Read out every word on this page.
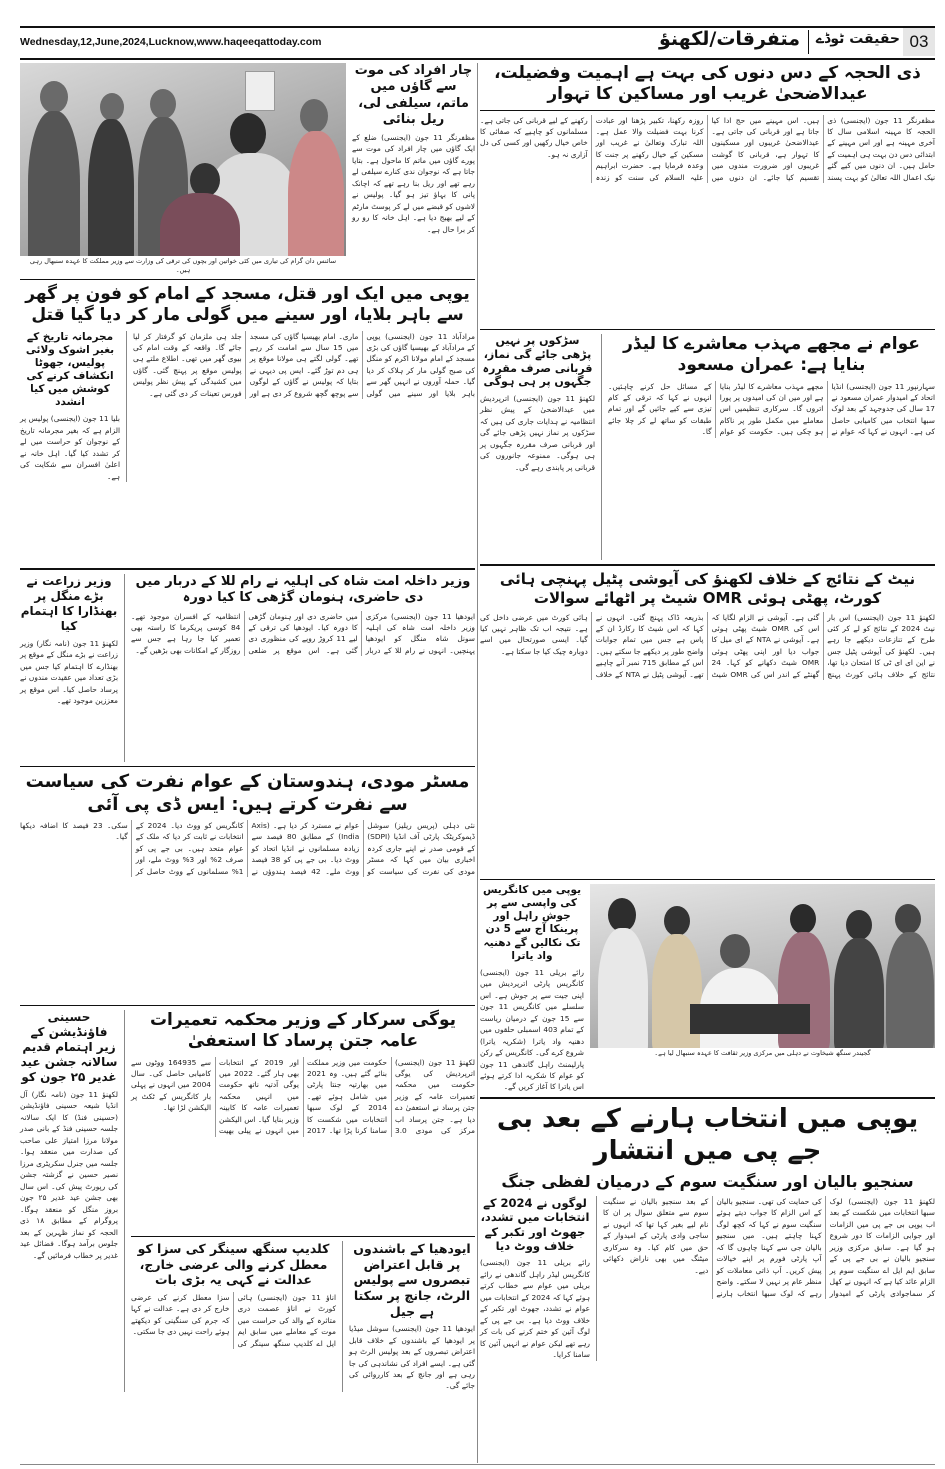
Wednesday,12,June,2024,Lucknow,www.haqeeqattoday.com	متفرقات/لکھنؤ حقیقت ٹوڈے 03
سائنس دان گرام کی تیاری میں کئی خواتین اور بچوں کی ترقی کی وزارت سے وزیر مملکت کا عہدہ سنبھال رہی ہیں۔
چار افراد کی موت سے گاؤں میں ماتم، سیلفی لی، ریل بنائی
مظفرنگر 11 جون (ایجنسی) ضلع کے ایک گاؤں میں چار افراد کی موت سے پورے گاؤں میں ماتم کا ماحول ہے۔ بتایا جاتا ہے کہ نوجوان ندی کنارے سیلفی لے رہے تھے اور ریل بنا رہے تھے کہ اچانک پانی کا بہاؤ تیز ہو گیا۔ پولیس نے لاشوں کو قبضے میں لے کر پوسٹ مارٹم کے لیے بھیج دیا ہے۔ اہل خانہ کا رو رو کر برا حال ہے۔
یوپی میں ایک اور قتل، مسجد کے امام کو فون پر گھر سے باہر بلایا، اور سینے میں گولی مار کر دیا گیا قتل
مجرمانہ تاریخ کے بغیر اشوک ولائی پولیس، جھوٹا انکشاف کرنے کی کوشش میں کیا انشدد
بلیا 11 جون (ایجنسی) پولیس پر الزام ہے کہ بغیر مجرمانہ تاریخ کے نوجوان کو حراست میں لے کر تشدد کیا گیا۔ اہل خانہ نے اعلیٰ افسران سے شکایت کی ہے۔
مرادآباد 11 جون (ایجنسی) یوپی کے مرادآباد کے بھیسیا گاؤں کی بڑی مسجد کے امام مولانا اکرم کو منگل کی صبح گولی مار کر ہلاک کر دیا گیا۔ حملہ آوروں نے انہیں گھر سے باہر بلایا اور سینے میں گولی ماری۔ امام بھیسیا گاؤں کی مسجد میں 15 سال سے امامت کر رہے تھے۔ گولی لگتے ہی مولانا موقع پر ہی دم توڑ گئے۔ ایس پی دیہی نے بتایا کہ پولیس نے گاؤں کے لوگوں سے پوچھ گچھ شروع کر دی ہے اور جلد ہی ملزمان کو گرفتار کر لیا جائے گا۔ واقعہ کے وقت امام کی بیوی گھر میں تھی۔ اطلاع ملتے ہی پولیس موقع پر پہنچ گئی۔ گاؤں میں کشیدگی کے پیش نظر پولیس فورس تعینات کر دی گئی ہے۔
وزیر زراعت نے بڑے منگل پر بھنڈارا کا اہتمام کیا
لکھنؤ 11 جون (نامہ نگار) وزیر زراعت نے بڑے منگل کے موقع پر بھنڈارے کا اہتمام کیا جس میں بڑی تعداد میں عقیدت مندوں نے پرساد حاصل کیا۔ اس موقع پر معززین موجود تھے۔
وزیر داخلہ امت شاہ کی اہلیہ نے رام للا کے دربار میں دی حاضری، ہنومان گڑھی کا کیا دورہ
ایودھیا 11 جون (ایجنسی) مرکزی وزیر داخلہ امت شاہ کی اہلیہ سونل شاہ منگل کو ایودھیا پہنچیں۔ انہوں نے رام للا کے دربار میں حاضری دی اور ہنومان گڑھی کا دورہ کیا۔ ایودھیا کی ترقی کے لیے 11 کروڑ روپے کی منظوری دی گئی ہے۔ اس موقع پر ضلعی انتظامیہ کے افسران موجود تھے۔ 84 کوسی پریکرما کا راستہ بھی تعمیر کیا جا رہا ہے جس سے روزگار کے امکانات بھی بڑھیں گے۔
مسٹر مودی، ہندوستان کے عوام نفرت کی سیاست سے نفرت کرتے ہیں: ایس ڈی پی آئی
نئی دہلی (پریس ریلیز) سوشل ڈیموکریٹک پارٹی آف انڈیا (SDPI) کے قومی صدر نے اپنے جاری کردہ اخباری بیان میں کہا کہ مسٹر مودی کی نفرت کی سیاست کو عوام نے مسترد کر دیا ہے۔ (Axis India) کے مطابق 80 فیصد سے زیادہ مسلمانوں نے انڈیا اتحاد کو ووٹ دیا۔ بی جے پی کو 38 فیصد ووٹ ملے۔ 42 فیصد ہندوؤں نے کانگریس کو ووٹ دیا۔ 2024 کے انتخابات نے ثابت کر دیا کہ ملک کے عوام متحد ہیں۔ بی جے پی کو صرف 2% اور 3% ووٹ ملے، اور 1% مسلمانوں کے ووٹ حاصل کر سکی۔ 23 فیصد کا اضافہ دیکھا گیا۔
حسینی فاؤنڈیشن کے زیر اہتمام قدیم سالانہ جشن عید غدیر ۲۵ جون کو
لکھنؤ 11 جون (نامہ نگار) آل انڈیا شیعہ حسینی فاؤنڈیشن (حسینی فنڈ) کا ایک سالانہ جلسہ حسینی فنڈ کے بانی صدر مولانا مرزا امتیاز علی صاحب کی صدارت میں منعقد ہوا۔ جلسہ میں جنرل سکریٹری مرزا نصیر حسین نے گزشتہ جشن کی رپورٹ پیش کی۔ اس سال بھی جشن عید غدیر ۲۵ جون بروز منگل کو منعقد ہوگا۔ پروگرام کے مطابق ۱۸ ذی الحجہ کو نماز ظہرین کے بعد جلوس برآمد ہوگا۔ فضائل عید غدیر پر خطاب فرمائیں گے۔
یوگی سرکار کے وزیر محکمہ تعمیرات عامہ جتن پرساد کا استعفیٰ
لکھنؤ 11 جون (ایجنسی) اترپردیش کی یوگی حکومت میں محکمہ تعمیرات عامہ کے وزیر جتن پرساد نے استعفیٰ دے دیا ہے۔ جتن پرساد اب مرکز کی مودی 3.0 حکومت میں وزیر مملکت بنائے گئے ہیں۔ وہ 2021 میں بھارتیہ جنتا پارٹی میں شامل ہوئے تھے۔ 2014 کے لوک سبھا انتخابات میں شکست کا سامنا کرنا پڑا تھا۔ 2017 اور 2019 کے انتخابات بھی ہار گئے۔ 2022 میں یوگی آدتیہ ناتھ حکومت میں انہیں محکمہ تعمیرات عامہ کا کابینہ وزیر بنایا گیا۔ اس الیکشن میں انہوں نے پیلی بھیت سے 164935 ووٹوں سے کامیابی حاصل کی۔ سال 2004 میں انہوں نے پہلی بار کانگریس کے ٹکٹ پر الیکشن لڑا تھا۔
کلدیپ سنگھ سینگر کی سزا کو معطل کرنے والی عرضی خارج، عدالت نے کہی یہ بڑی بات
اناؤ 11 جون (ایجنسی) ہائی کورٹ نے اناؤ عصمت دری متاثرہ کے والد کی حراست میں موت کے معاملے میں سابق ایم ایل اے کلدیپ سنگھ سینگر کی سزا معطل کرنے کی عرضی خارج کر دی ہے۔ عدالت نے کہا کہ جرم کی سنگینی کو دیکھتے ہوئے راحت نہیں دی جا سکتی۔
ایودھیا کے باشندوں پر قابل اعتراض تبصروں سے پولیس الرٹ، جانچ پر سکتا ہے جیل
ایودھیا 11 جون (ایجنسی) سوشل میڈیا پر ایودھیا کے باشندوں کے خلاف قابل اعتراض تبصروں کے بعد پولیس الرٹ ہو گئی ہے۔ ایسے افراد کی نشاندہی کی جا رہی ہے اور جانچ کے بعد کارروائی کی جائے گی۔
ذی الحجہ کے دس دنوں کی بہت ہے اہمیت وفضیلت، عیدالاضحیٰ غریب اور مساکین کا تہوار
مظفرنگر 11 جون (ایجنسی) ذی الحجہ کا مہینہ اسلامی سال کا آخری مہینہ ہے اور اس مہینے کے ابتدائی دس دن بہت ہی اہمیت کے حامل ہیں۔ ان دنوں میں کیے گئے نیک اعمال اللہ تعالیٰ کو بہت پسند ہیں۔ اس مہینے میں حج ادا کیا جاتا ہے اور قربانی کی جاتی ہے۔ عیدالاضحیٰ غریبوں اور مسکینوں کا تہوار ہے، قربانی کا گوشت غریبوں اور ضرورت مندوں میں تقسیم کیا جائے۔ ان دنوں میں روزہ رکھنا، تکبیر پڑھنا اور عبادت کرنا بہت فضیلت والا عمل ہے۔ اللہ تبارک وتعالیٰ نے غریب اور مسکین کے خیال رکھنے پر جنت کا وعدہ فرمایا ہے۔ حضرت ابراہیم علیہ السلام کی سنت کو زندہ رکھنے کے لیے قربانی کی جاتی ہے۔ مسلمانوں کو چاہیے کہ صفائی کا خاص خیال رکھیں اور کسی کی دل آزاری نہ ہو۔
سڑکوں پر نہیں پڑھی جائے گی نماز، قربانی صرف مقررہ جگہوں پر ہی ہوگی
لکھنؤ 11 جون (ایجنسی) اترپردیش میں عیدالاضحیٰ کے پیش نظر انتظامیہ نے ہدایات جاری کی ہیں کہ سڑکوں پر نماز نہیں پڑھی جائے گی اور قربانی صرف مقررہ جگہوں پر ہی ہوگی۔ ممنوعہ جانوروں کی قربانی پر پابندی رہے گی۔
عوام نے مجھے مہذب معاشرے کا لیڈر بنایا ہے: عمران مسعود
سہارنپور 11 جون (ایجنسی) انڈیا اتحاد کے امیدوار عمران مسعود نے 17 سال کی جدوجہد کے بعد لوک سبھا انتخاب میں کامیابی حاصل کی ہے۔ انہوں نے کہا کہ عوام نے مجھے مہذب معاشرے کا لیڈر بنایا ہے اور میں ان کی امیدوں پر پورا اتروں گا۔ سرکاری تنظیمیں اس معاملے میں مکمل طور پر ناکام ہو چکی ہیں۔ حکومت کو عوام کے مسائل حل کرنے چاہئیں۔ انہوں نے کہا کہ ترقی کے کام تیزی سے کیے جائیں گے اور تمام طبقات کو ساتھ لے کر چلا جائے گا۔
نیٹ کے نتائج کے خلاف لکھنؤ کی آیوشی پٹیل پہنچی ہائی کورٹ، پھٹی ہوئی OMR شیٹ پر اٹھائے سوالات
لکھنؤ 11 جون (ایجنسی) اس بار نیٹ 2024 کے نتائج کو لے کر کئی طرح کے تنازعات دیکھے جا رہے ہیں۔ لکھنؤ کی آیوشی پٹیل جس نے این ای ای ٹی کا امتحان دیا تھا، نتائج کے خلاف ہائی کورٹ پہنچ گئی ہے۔ آیوشی نے الزام لگایا کہ اس کی OMR شیٹ پھٹی ہوئی ہے۔ آیوشی نے NTA کے ای میل کا جواب دیا اور اپنی پھٹی ہوئی OMR شیٹ دکھانے کو کہا۔ 24 گھنٹے کے اندر اس کی OMR شیٹ بذریعہ ڈاک پہنچ گئی۔ انہوں نے کہا کہ اس شیٹ کا رکارڈ ان کے پاس ہے جس میں تمام جوابات واضح طور پر دیکھے جا سکتے ہیں۔ اس کے مطابق 715 نمبر آنے چاہیے تھے۔ آیوشی پٹیل نے NTA کے خلاف ہائی کورٹ میں عرضی داخل کی ہے۔ نتیجہ اب تک ظاہر نہیں کیا گیا۔ ایسی صورتحال میں اسے دوبارہ چیک کیا جا سکتا ہے۔
یوپی میں کانگریس کی واپسی سے پر جوش راہل اور پرینکا آج سے 5 دن تک نکالیں گے دھنیہ واد یاترا
رائے بریلی 11 جون (ایجنسی) کانگریس پارٹی اترپردیش میں اپنی جیت سے پر جوش ہے۔ اس سلسلے میں کانگریس 11 جون سے 15 جون کے درمیان ریاست کے تمام 403 اسمبلی حلقوں میں دھنیہ واد یاترا (شکریہ یاترا) شروع کرے گی۔ کانگریس کے رکن پارلیمنٹ راہل گاندھی 11 جون کو عوام کا شکریہ ادا کرتے ہوئے اس یاترا کا آغاز کریں گے۔
گجیندر سنگھ شیخاوت نے دہلی میں مرکزی وزیر ثقافت کا عہدہ سنبھال لیا ہے۔
یوپی میں انتخاب ہارنے کے بعد بی جے پی میں انتشار
سنجیو بالیان اور سنگیت سوم کے درمیان لفظی جنگ
لوگوں نے 2024 کے انتخابات میں تشدد، جھوٹ اور تکبر کے خلاف ووٹ دیا
رائے بریلی 11 جون (ایجنسی) کانگریس لیڈر راہل گاندھی نے رائے بریلی میں عوام سے خطاب کرتے ہوئے کہا کہ 2024 کے انتخابات میں عوام نے تشدد، جھوٹ اور تکبر کے خلاف ووٹ دیا ہے۔ بی جے پی کے لوگ آئین کو ختم کرنے کی بات کر رہے تھے لیکن عوام نے انہیں آئین کا سامنا کرایا۔
لکھنؤ 11 جون (ایجنسی) لوک سبھا انتخابات میں شکست کے بعد اب یوپی بی جے پی میں الزامات اور جوابی الزامات کا دور شروع ہو گیا ہے۔ سابق مرکزی وزیر سنجیو بالیان نے بی جے پی کے سابق ایم ایل اے سنگیت سوم پر الزام عائد کیا ہے کہ انہوں نے کھل کر سماجوادی پارٹی کے امیدوار کی حمایت کی تھی۔ سنجیو بالیان کے اس الزام کا جواب دیتے ہوئے سنگیت سوم نے کہا کہ کچھ لوگ کہنا چاہتے ہیں۔ میں سنجیو بالیان جی سے کہنا چاہوں گا کہ آپ پارٹی فورم پر اپنے خیالات پیش کریں۔ آپ ذاتی معاملات کو منظر عام پر نہیں لا سکتے۔ واضح رہے کہ لوک سبھا انتخاب ہارنے کے بعد سنجیو بالیان نے سنگیت سوم سے متعلق سوال پر ان کا نام لیے بغیر کہا تھا کہ انہوں نے ساجی وادی پارٹی کے امیدوار کے حق میں کام کیا۔ وہ سرکاری میٹنگ میں بھی ناراض دکھائی دیے۔
